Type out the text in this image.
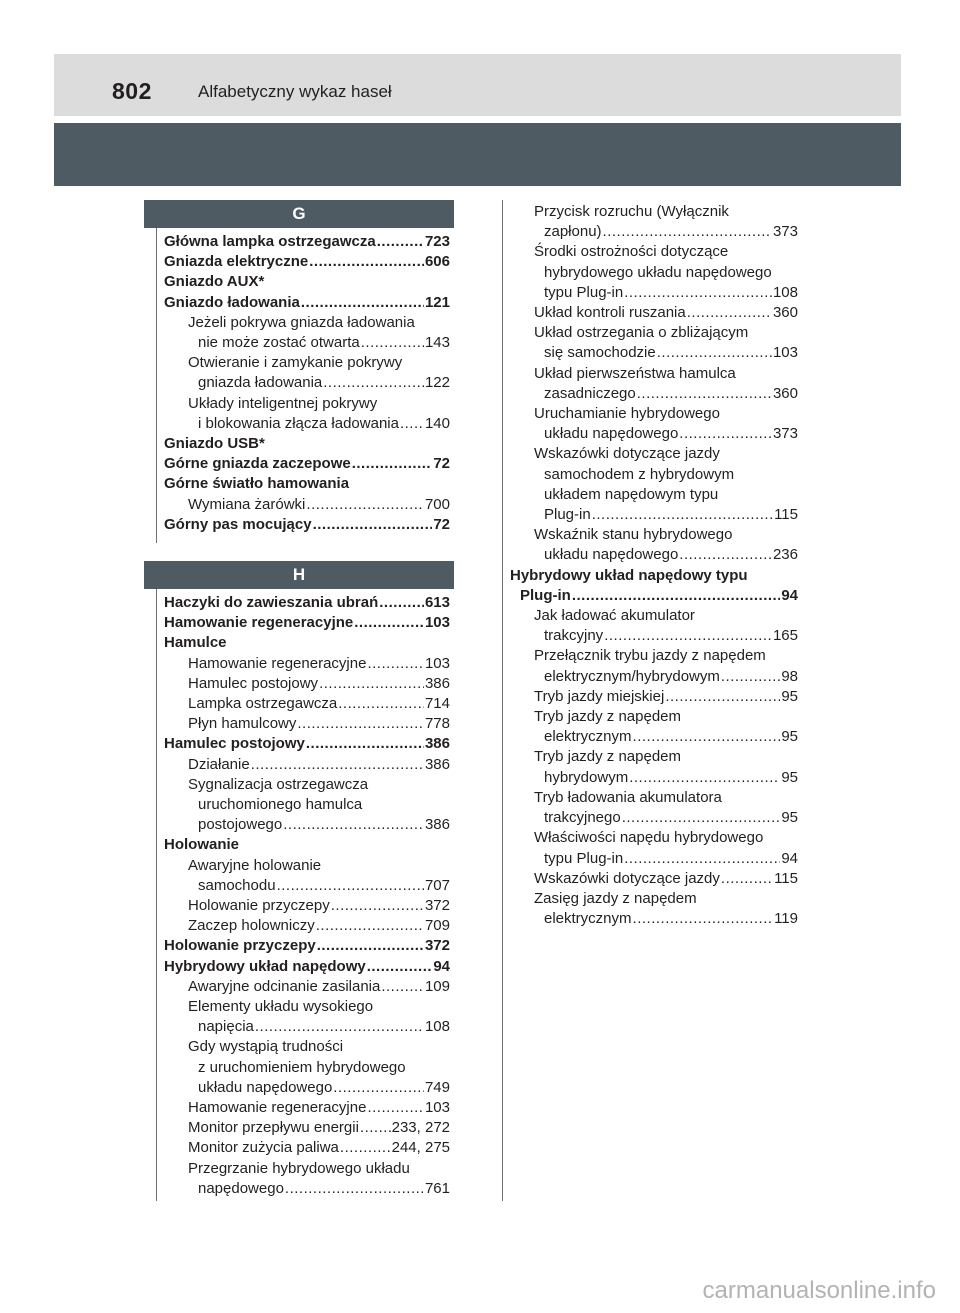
802	Alfabetyczny wykaz haseł
G
Główna lampka ostrzegawcza .....	723
Gniazda elektryczne .....	606
Gniazdo AUX*
Gniazdo ładowania .....	121
Jeżeli pokrywa gniazda ładowania
nie może zostać otwarta .....	143
Otwieranie i zamykanie pokrywy
gniazda ładowania .....	122
Układy inteligentnej pokrywy
i blokowania złącza ładowania ..... 140
Gniazdo USB*
Górne gniazda zaczepowe .....	72
Górne światło hamowania
Wymiana żarówki .....	700
Górny pas mocujący .....	72
H
Haczyki do zawieszania ubrań .....	613
Hamowanie regeneracyjne .....	103
Hamulce
Hamowanie regeneracyjne .....	103
Hamulec postojowy .....	386
Lampka ostrzegawcza .....	714
Płyn hamulcowy .....	778
Hamulec postojowy .....	386
Działanie .....	386
Sygnalizacja ostrzegawcza
uruchomionego hamulca
postojowego .....	386
Holowanie
Awaryjne holowanie
samochodu .....	707
Holowanie przyczepy .....	372
Zaczep holowniczy .....	709
Holowanie przyczepy .....	372
Hybrydowy układ napędowy .....	94
Awaryjne odcinanie zasilania .....	109
Elementy układu wysokiego
napięcia .....	108
Gdy wystąpią trudności
z uruchomieniem hybrydowego
układu napędowego .....	749
Hamowanie regeneracyjne .....	103
Monitor przepływu energii ..... 233, 272
Monitor zużycia paliwa .....	244, 275
Przegrzanie hybrydowego układu
napędowego .....	761
Przycisk rozruchu (Wyłącznik
zapłonu) .....	373
Środki ostrożności dotyczące
hybrydowego układu napędowego
typu Plug-in .....	108
Układ kontroli ruszania .....	360
Układ ostrzegania o zbliżającym
się samochodzie .....	103
Układ pierwszeństwa hamulca
zasadniczego .....	360
Uruchamianie hybrydowego
układu napędowego .....	373
Wskazówki dotyczące jazdy
samochodem z hybrydowym
układem napędowym typu
Plug-in .....	115
Wskaźnik stanu hybrydowego
układu napędowego .....	236
Hybrydowy układ napędowy typu
Plug-in .....	94
Jak ładować akumulator
trakcyjny .....	165
Przełącznik trybu jazdy z napędem
elektrycznym/hybrydowym .....	98
Tryb jazdy miejskiej .....	95
Tryb jazdy z napędem
elektrycznym .....	95
Tryb jazdy z napędem
hybrydowym .....	95
Tryb ładowania akumulatora
trakcyjnego .....	95
Właściwości napędu hybrydowego
typu Plug-in .....	94
Wskazówki dotyczące jazdy .....	115
Zasięg jazdy z napędem
elektrycznym .....	119
carmanualsonline.info
